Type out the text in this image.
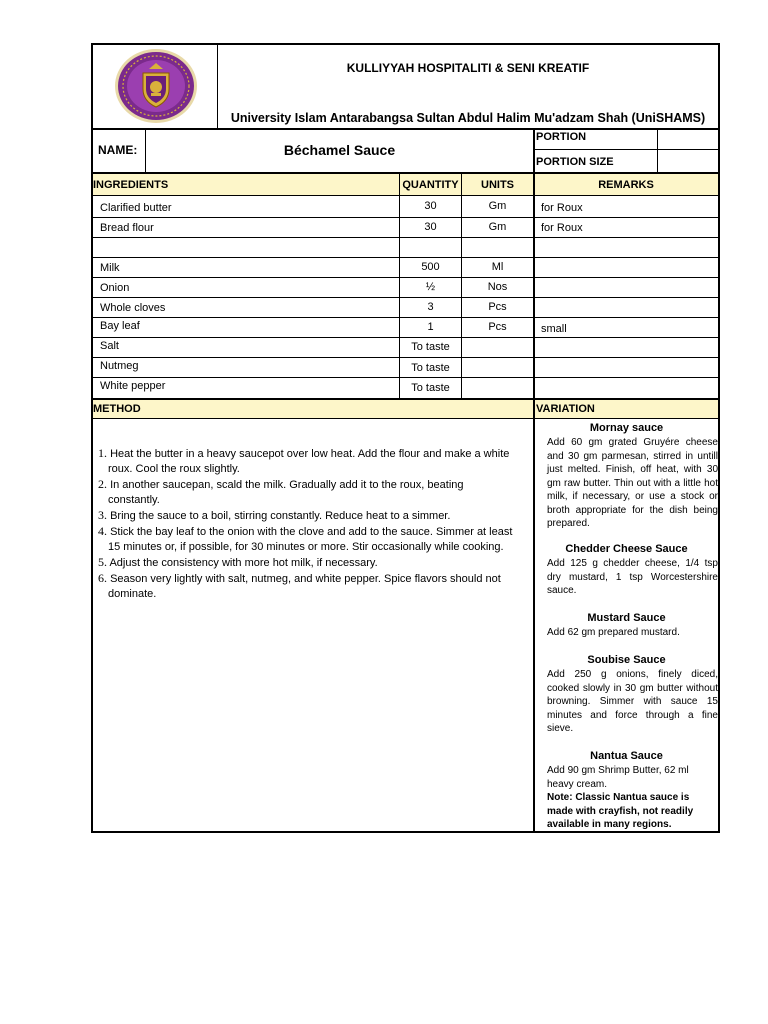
KULLIYYAH HOSPITALITI & SENI KREATIF
University Islam Antarabangsa Sultan Abdul Halim Mu'adzam Shah (UniSHAMS)
NAME:	Béchamel Sauce
PORTION
PORTION SIZE
INGREDIENTS	QUANTITY	UNITS	REMARKS
Clarified butter	30	Gm	for Roux
Bread flour	30	Gm	for Roux
Milk	500	Ml
Onion	½	Nos
Whole cloves	3	Pcs
Bay leaf	1	Pcs	small
Salt	To taste
Nutmeg	To taste
White pepper	To taste
METHOD	VARIATION
1. Heat the butter in a heavy saucepot over low heat. Add the flour and make a white roux. Cool the roux slightly.
2. In another saucepan, scald the milk. Gradually add it to the roux, beating constantly.
3. Bring the sauce to a boil, stirring constantly. Reduce heat to a simmer.
4. Stick the bay leaf to the onion with the clove and add to the sauce. Simmer at least 15 minutes or, if possible, for 30 minutes or more. Stir occasionally while cooking.
5. Adjust the consistency with more hot milk, if necessary.
6. Season very lightly with salt, nutmeg, and white pepper. Spice flavors should not dominate.
Mornay sauce
Add 60 gm grated Gruyére cheese and 30 gm parmesan, stirred in untill just melted. Finish, off heat, with 30 gm raw butter. Thin out with a little hot milk, if necessary, or use a stock or broth appropriate for the dish being prepared.
Chedder Cheese Sauce
Add 125 g chedder cheese, 1/4 tsp dry mustard, 1 tsp Worcestershire sauce.
Mustard Sauce
Add 62 gm prepared mustard.
Soubise Sauce
Add 250 g onions, finely diced, cooked slowly in 30 gm butter without browning. Simmer with sauce 15 minutes and force through a fine sieve.
Nantua Sauce
Add 90 gm Shrimp Butter, 62 ml heavy cream.
Note: Classic Nantua sauce is made with crayfish, not readily available in many regions.
